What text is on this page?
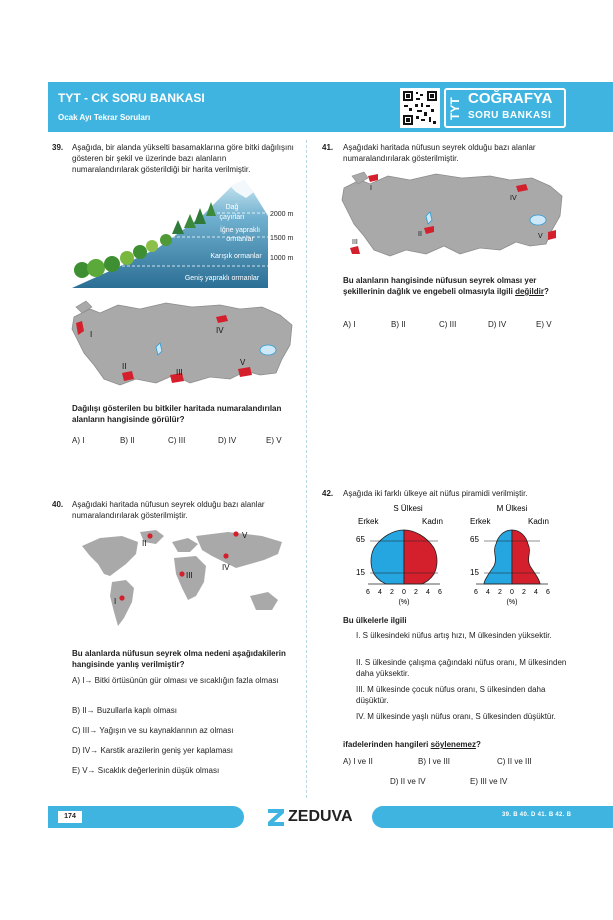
TYT - CK SORU BANKASI
Ocak Ayı Tekrar Soruları	TYT COĞRAFYA
SORU BANKASI
39. Aşağıda, bir alanda yükselti basamaklarına göre bitki dağılışını gösteren bir şekil ve üzerinde bazı alanların numaralandırılarak gösterildiği bir harita verilmiştir.
Dağ
çayırları
İğne yapraklı
ormanlar
Karışık ormanlar
Geniş yapraklı ormanlar
2000 m
1500 m
1000 m
I
II
III
IV
V
Dağılışı gösterilen bu bitkiler haritada numaralandırılan alanların hangisinde görülür?
A) I	B) II	C) III	D) IV	E) V
40. Aşağıdaki haritada nüfusun seyrek olduğu bazı alanlar numaralandırılarak gösterilmiştir.
I
II
III
IV
V
Bu alanlarda nüfusun seyrek olma nedeni aşağıdakilerin hangisinde yanlış verilmiştir?
A) I→ Bitki örtüsünün gür olması ve sıcaklığın fazla olması
B) II→ Buzullarla kaplı olması
C) III→ Yağışın ve su kaynaklarının az olması
D) IV→ Karstik arazilerin geniş yer kaplaması
E) V→ Sıcaklık değerlerinin düşük olması
41. Aşağıdaki haritada nüfusun seyrek olduğu bazı alanlar numaralandırılarak gösterilmiştir.
I
II
III
IV
V
Bu alanların hangisinde nüfusun seyrek olması yer şekillerinin dağlık ve engebeli olmasıyla ilgili değildir?
A) I	B) II	C) III	D) IV	E) V
42. Aşağıda iki farklı ülkeye ait nüfus piramidi verilmiştir.
S Ülkesi
Erkek	Kadın
65
15
6 4 2 0 2 4 6
(%)
M Ülkesi
Erkek	Kadın
65
15
6 4 2 0 2 4 6
(%)
Bu ülkelerle ilgili
I. S ülkesindeki nüfus artış hızı, M ülkesinden yüksektir.
II. S ülkesinde çalışma çağındaki nüfus oranı, M ülkesinden daha yüksektir.
III. M ülkesinde çocuk nüfus oranı, S ülkesinden daha düşüktür.
IV. M ülkesinde yaşlı nüfus oranı, S ülkesinden düşüktür.
ifadelerinden hangileri söylenemez?
A) I ve II	B) I ve III	C) II ve III
D) II ve IV	E) III ve IV
174	ZEDUVA	39. B 40. D 41. B 42. B
